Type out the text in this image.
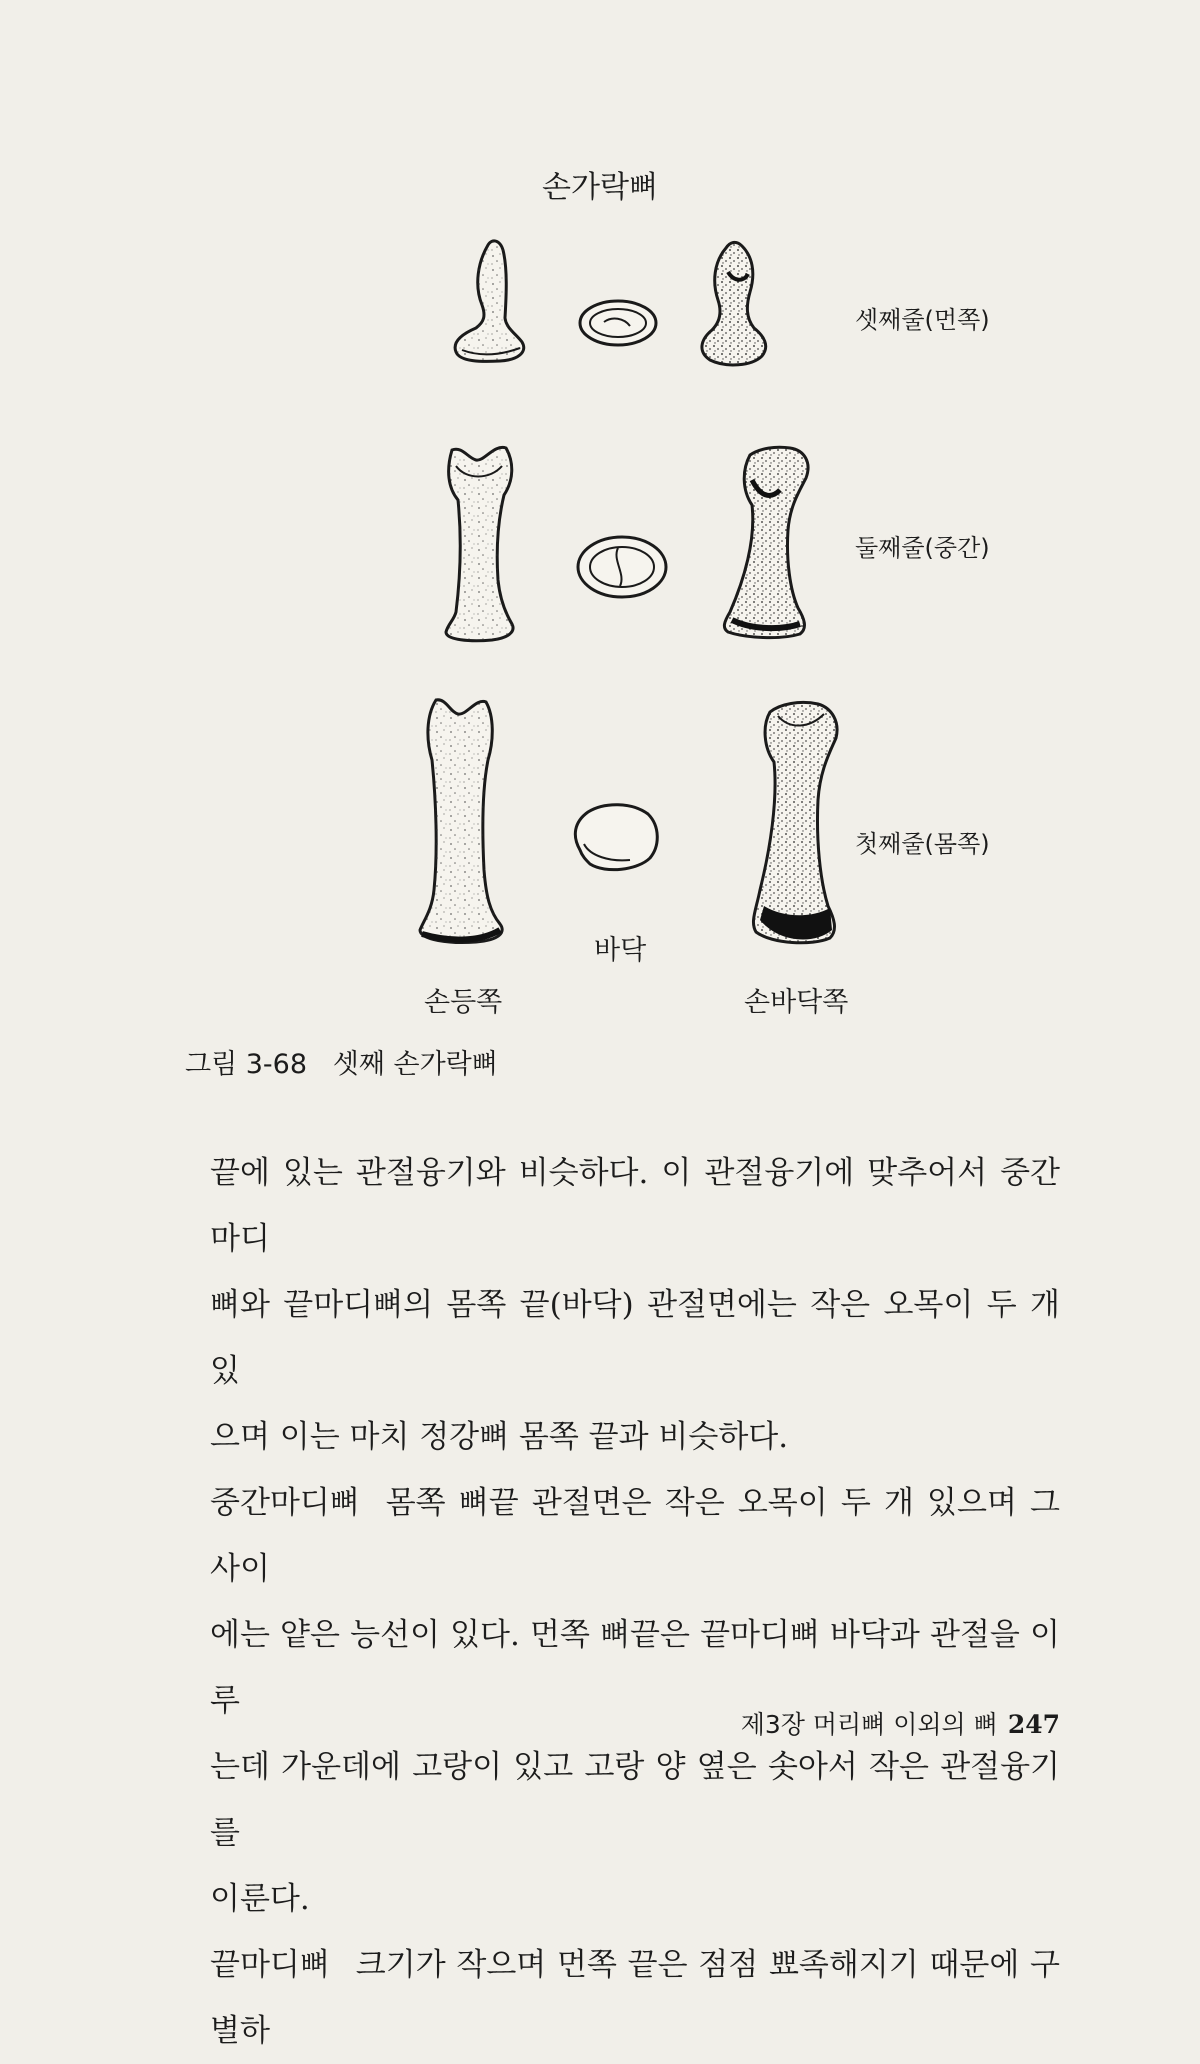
손가락뼈
셋째줄(먼쪽)
둘째줄(중간)
첫째줄(몸쪽)
바닥
손등쪽	손바닥쪽
그림 3-68   셋째 손가락뼈

끝에 있는 관절융기와 비슷하다. 이 관절융기에 맞추어서 중간마디

뼈와 끝마디뼈의 몸쪽 끝(바닥) 관절면에는 작은 오목이 두 개 있

으며 이는 마치 정강뼈 몸쪽 끝과 비슷하다.

중간마디뼈 몸쪽 뼈끝 관절면은 작은 오목이 두 개 있으며 그 사이

에는 얕은 능선이 있다. 먼쪽 뼈끝은 끝마디뼈 바닥과 관절을 이루

는데 가운데에 고랑이 있고 고랑 양 옆은 솟아서 작은 관절융기를

이룬다.

끝마디뼈 크기가 작으며 먼쪽 끝은 점점 뾰족해지기 때문에 구별하

제3장 머리뼈 이외의 뼈 247
